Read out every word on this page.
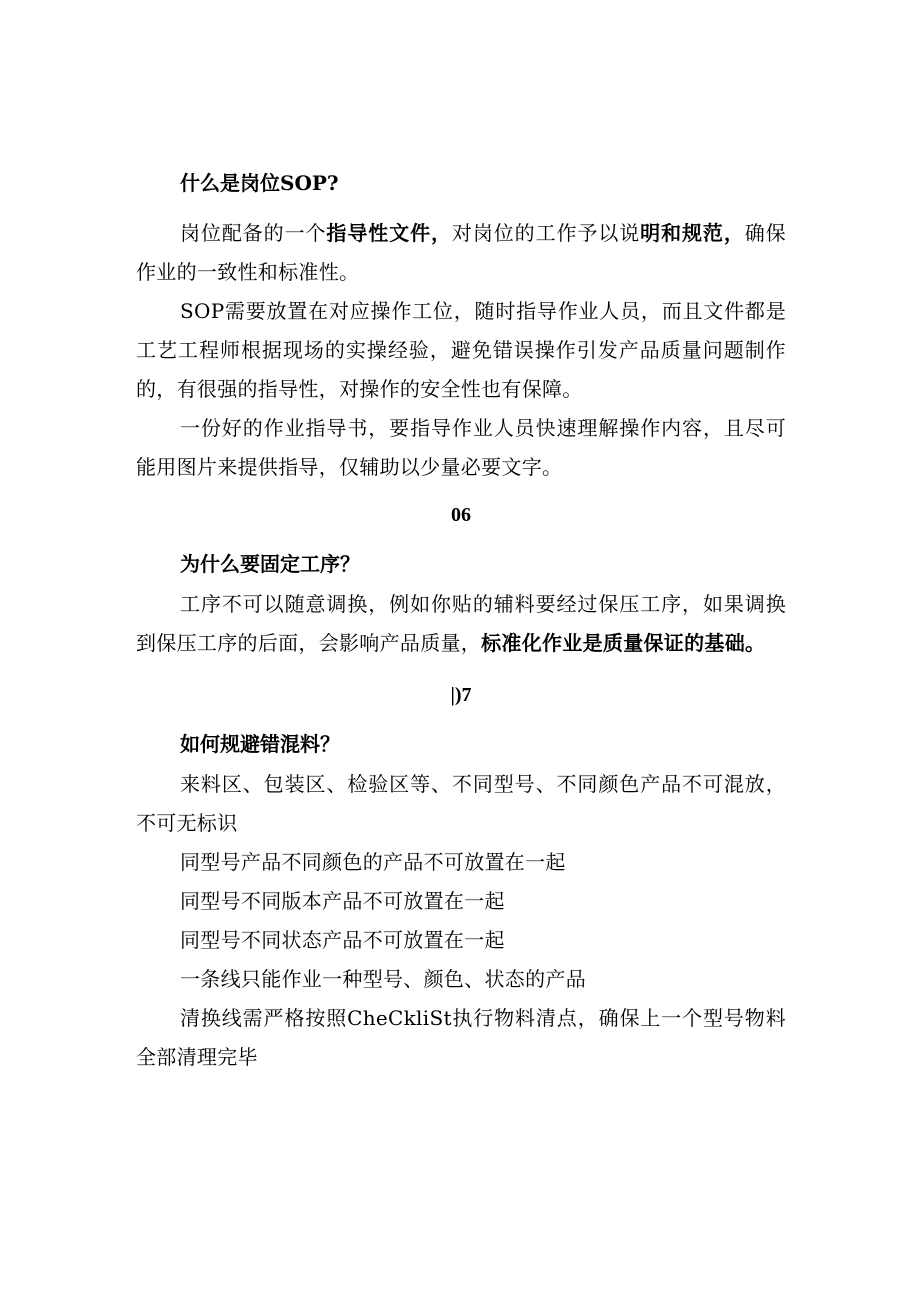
什么是岗位SOP?

岗位配备的一个指导性文件，对岗位的工作予以说明和规范，确保作业的一致性和标准性。

SOP需要放置在对应操作工位，随时指导作业人员，而且文件都是工艺工程师根据现场的实操经验，避免错误操作引发产品质量问题制作的，有很强的指导性，对操作的安全性也有保障。

一份好的作业指导书，要指导作业人员快速理解操作内容，且尽可能用图片来提供指导，仅辅助以少量必要文字。

06

为什么要固定工序？

工序不可以随意调换，例如你贴的辅料要经过保压工序，如果调换到保压工序的后面，会影响产品质量，标准化作业是质量保证的基础。

|)7

如何规避错混料？

来料区、包装区、检验区等、不同型号、不同颜色产品不可混放，不可无标识

同型号产品不同颜色的产品不可放置在一起

同型号不同版本产品不可放置在一起

同型号不同状态产品不可放置在一起

一条线只能作业一种型号、颜色、状态的产品

清换线需严格按照CheCkliSt执行物料清点，确保上一个型号物料全部清理完毕
